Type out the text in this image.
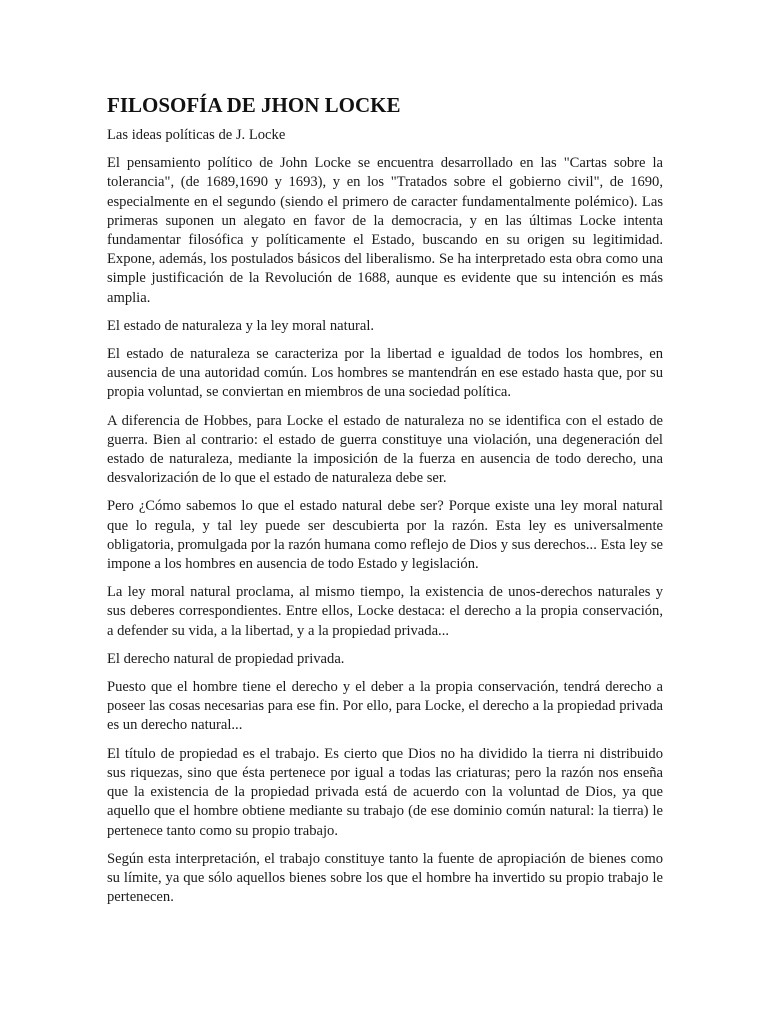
FILOSOFÍA DE JHON LOCKE

Las ideas políticas de J. Locke

El pensamiento político de John Locke se encuentra desarrollado en las "Cartas sobre la tolerancia", (de 1689,1690 y 1693), y en los "Tratados sobre el gobierno civil", de 1690, especialmente en el segundo (siendo el primero de caracter fundamentalmente polémico). Las primeras suponen un alegato en favor de la democracia, y en las últimas Locke intenta fundamentar filosófica y políticamente el Estado, buscando en su origen su legitimidad. Expone, además, los postulados básicos del liberalismo. Se ha interpretado esta obra como una simple justificación de la Revolución de 1688, aunque es evidente que su intención es más amplia.

El estado de naturaleza y la ley moral natural.

El estado de naturaleza se caracteriza por la libertad e igualdad de todos los hombres, en ausencia de una autoridad común. Los hombres se mantendrán en ese estado hasta que, por su propia voluntad, se conviertan en miembros de una sociedad política.

A diferencia de Hobbes, para Locke el estado de naturaleza no se identifica con el estado de guerra. Bien al contrario: el estado de guerra constituye una violación, una degeneración del estado de naturaleza, mediante la imposición de la fuerza en ausencia de todo derecho, una desvalorización de lo que el estado de naturaleza debe ser.

Pero ¿Cómo sabemos lo que el estado natural debe ser? Porque existe una ley moral natural que lo regula, y tal ley puede ser descubierta por la razón. Esta ley es universalmente obligatoria, promulgada por la razón humana como reflejo de Dios y sus derechos... Esta ley se impone a los hombres en ausencia de todo Estado y legislación.

La ley moral natural proclama, al mismo tiempo, la existencia de unos-derechos naturales y sus deberes correspondientes. Entre ellos, Locke destaca: el derecho a la propia conservación, a defender su vida, a la libertad, y a la propiedad privada...

El derecho natural de propiedad privada.

Puesto que el hombre tiene el derecho y el deber a la propia conservación, tendrá derecho a poseer las cosas necesarias para ese fin. Por ello, para Locke, el derecho a la propiedad privada es un derecho natural...

El título de propiedad es el trabajo. Es cierto que Dios no ha dividido la tierra ni distribuido sus riquezas, sino que ésta pertenece por igual a todas las criaturas; pero la razón nos enseña que la existencia de la propiedad privada está de acuerdo con la voluntad de Dios, ya que aquello que el hombre obtiene mediante su trabajo (de ese dominio común natural: la tierra) le pertenece tanto como su propio trabajo.

Según esta interpretación, el trabajo constituye tanto la fuente de apropiación de bienes como su límite, ya que sólo aquellos bienes sobre los que el hombre ha invertido su propio trabajo le pertenecen.
